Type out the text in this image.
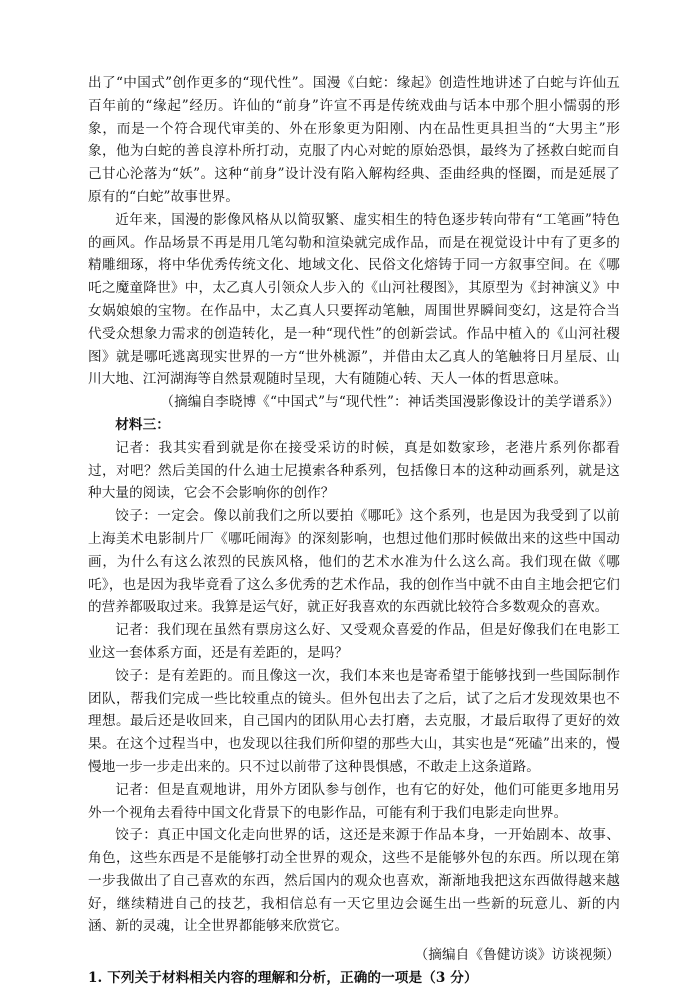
出了“中国式”创作更多的“现代性”。国漫《白蛇：缘起》创造性地讲述了白蛇与许仙五百年前的“缘起”经历。许仙的“前身”许宣不再是传统戏曲与话本中那个胆小懦弱的形象，而是一个符合现代审美的、外在形象更为阳刚、内在品性更具担当的“大男主”形象，他为白蛇的善良淳朴所打动，克服了内心对蛇的原始恐惧，最终为了拯救白蛇而自己甘心沦落为“妖”。这种“前身”设计没有陷入解构经典、歪曲经典的怪圈，而是延展了原有的“白蛇”故事世界。

近年来，国漫的影像风格从以简驭繁、虚实相生的特色逐步转向带有“工笔画”特色的画风。作品场景不再是用几笔勾勒和渲染就完成作品，而是在视觉设计中有了更多的精雕细琢，将中华优秀传统文化、地域文化、民俗文化熔铸于同一方叙事空间。在《哪吒之魔童降世》中，太乙真人引领众人步入的《山河社稷图》，其原型为《封神演义》中女娲娘娘的宝物。在作品中，太乙真人只要挥动笔触，周围世界瞬间变幻，这是符合当代受众想象力需求的创造转化，是一种“现代性”的创新尝试。作品中植入的《山河社稷图》就是哪吒逃离现实世界的一方“世外桃源”，并借由太乙真人的笔触将日月星辰、山川大地、江河湖海等自然景观随时呈现，大有随随心转、天人一体的哲思意味。

（摘编自李晓博《“中国式”与“现代性”：神话类国漫影像设计的美学谱系》）

材料三：

记者：我其实看到就是你在接受采访的时候，真是如数家珍，老港片系列你都看过，对吧？然后美国的什么迪士尼摸索各种系列，包括像日本的这种动画系列，就是这种大量的阅读，它会不会影响你的创作？

饺子：一定会。像以前我们之所以要拍《哪吒》这个系列，也是因为我受到了以前上海美术电影制片厂《哪吒闹海》的深刻影响，也想过他们那时候做出来的这些中国动画，为什么有这么浓烈的民族风格，他们的艺术水准为什么这么高。我们现在做《哪吒》，也是因为我毕竟看了这么多优秀的艺术作品，我的创作当中就不由自主地会把它们的营养都吸取过来。我算是运气好，就正好我喜欢的东西就比较符合多数观众的喜欢。

记者：我们现在虽然有票房这么好、又受观众喜爱的作品，但是好像我们在电影工业这一套体系方面，还是有差距的，是吗？

饺子：是有差距的。而且像这一次，我们本来也是寄希望于能够找到一些国际制作团队，帮我们完成一些比较重点的镜头。但外包出去了之后，试了之后才发现效果也不理想。最后还是收回来，自己国内的团队用心去打磨，去克服，才最后取得了更好的效果。在这个过程当中，也发现以往我们所仰望的那些大山，其实也是“死磕”出来的，慢慢地一步一步走出来的。只不过以前带了这种畏惧感，不敢走上这条道路。

记者：但是直观地讲，用外方团队参与创作，也有它的好处，他们可能更多地用另外一个视角去看待中国文化背景下的电影作品，可能有利于我们电影走向世界。

饺子：真正中国文化走向世界的话，这还是来源于作品本身，一开始剧本、故事、角色，这些东西是不是能够打动全世界的观众，这些不是能够外包的东西。所以现在第一步我做出了自己喜欢的东西，然后国内的观众也喜欢，渐渐地我把这东西做得越来越好，继续精进自己的技艺，我相信总有一天它里边会诞生出一些新的玩意儿、新的内涵、新的灵魂，让全世界都能够来欣赏它。

（摘编自《鲁健访谈》访谈视频）

1. 下列关于材料相关内容的理解和分析，正确的一项是（3 分）
